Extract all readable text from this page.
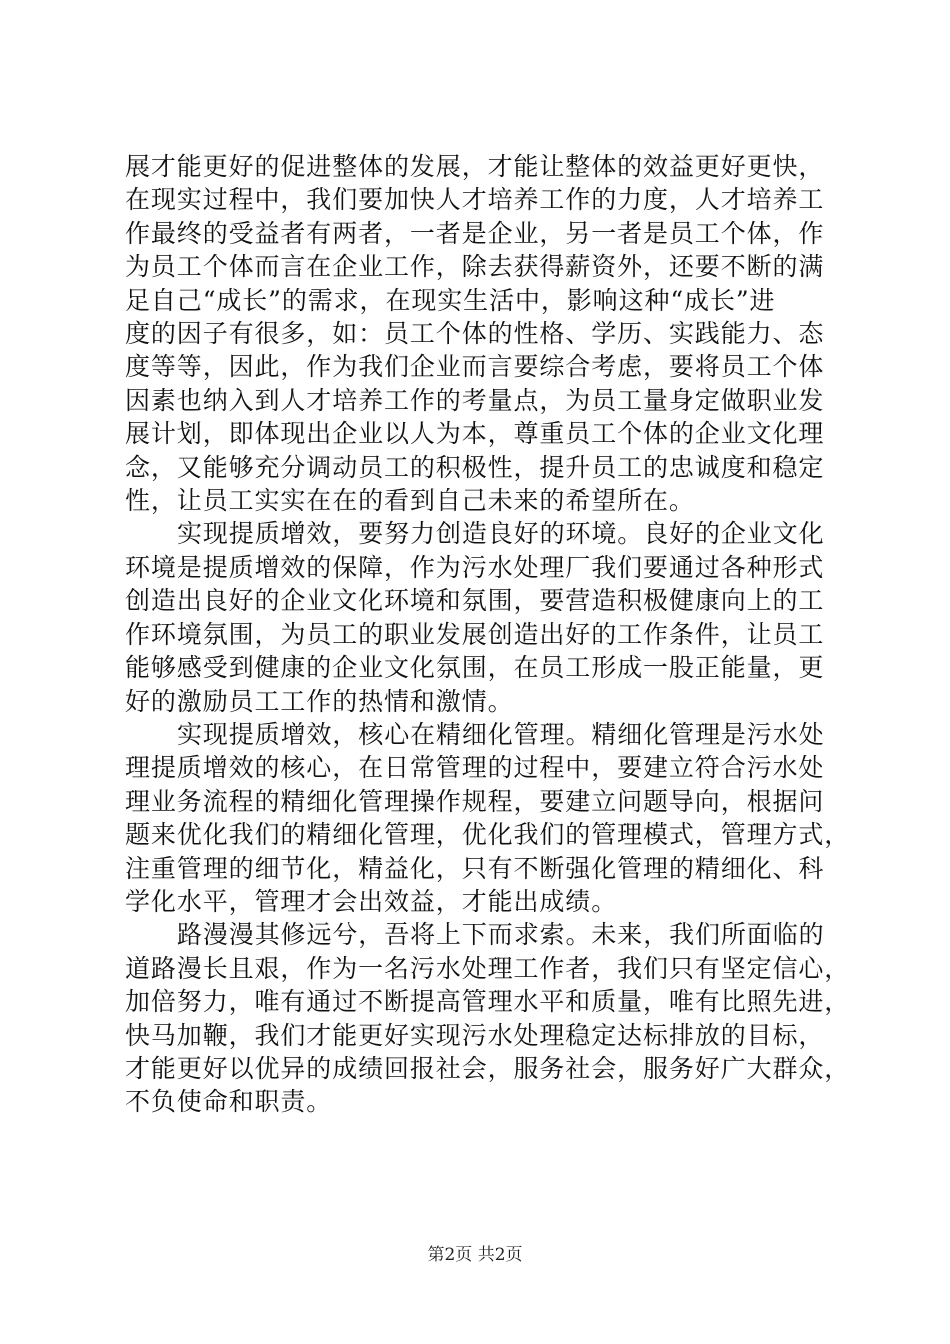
展才能更好的促进整体的发展，才能让整体的效益更好更快，
在现实过程中，我们要加快人才培养工作的力度，人才培养工
作最终的受益者有两者，一者是企业，另一者是员工个体，作
为员工个体而言在企业工作，除去获得薪资外，还要不断的满
足自己“成长”的需求，在现实生活中，影响这种“成长”进
度的因子有很多，如：员工个体的性格、学历、实践能力、态
度等等，因此，作为我们企业而言要综合考虑，要将员工个体
因素也纳入到人才培养工作的考量点，为员工量身定做职业发
展计划，即体现出企业以人为本，尊重员工个体的企业文化理
念，又能够充分调动员工的积极性，提升员工的忠诚度和稳定
性，让员工实实在在的看到自己未来的希望所在。

实现提质增效，要努力创造良好的环境。良好的企业文化
环境是提质增效的保障，作为污水处理厂我们要通过各种形式
创造出良好的企业文化环境和氛围，要营造积极健康向上的工
作环境氛围，为员工的职业发展创造出好的工作条件，让员工
能够感受到健康的企业文化氛围，在员工形成一股正能量，更
好的激励员工工作的热情和激情。

实现提质增效，核心在精细化管理。精细化管理是污水处
理提质增效的核心，在日常管理的过程中，要建立符合污水处
理业务流程的精细化管理操作规程，要建立问题导向，根据问
题来优化我们的精细化管理，优化我们的管理模式，管理方式，
注重管理的细节化，精益化，只有不断强化管理的精细化、科
学化水平，管理才会出效益，才能出成绩。

路漫漫其修远兮，吾将上下而求索。未来，我们所面临的
道路漫长且艰，作为一名污水处理工作者，我们只有坚定信心，
加倍努力，唯有通过不断提高管理水平和质量，唯有比照先进，
快马加鞭，我们才能更好实现污水处理稳定达标排放的目标，
才能更好以优异的成绩回报社会，服务社会，服务好广大群众，
不负使命和职责。

第2页 共2页
